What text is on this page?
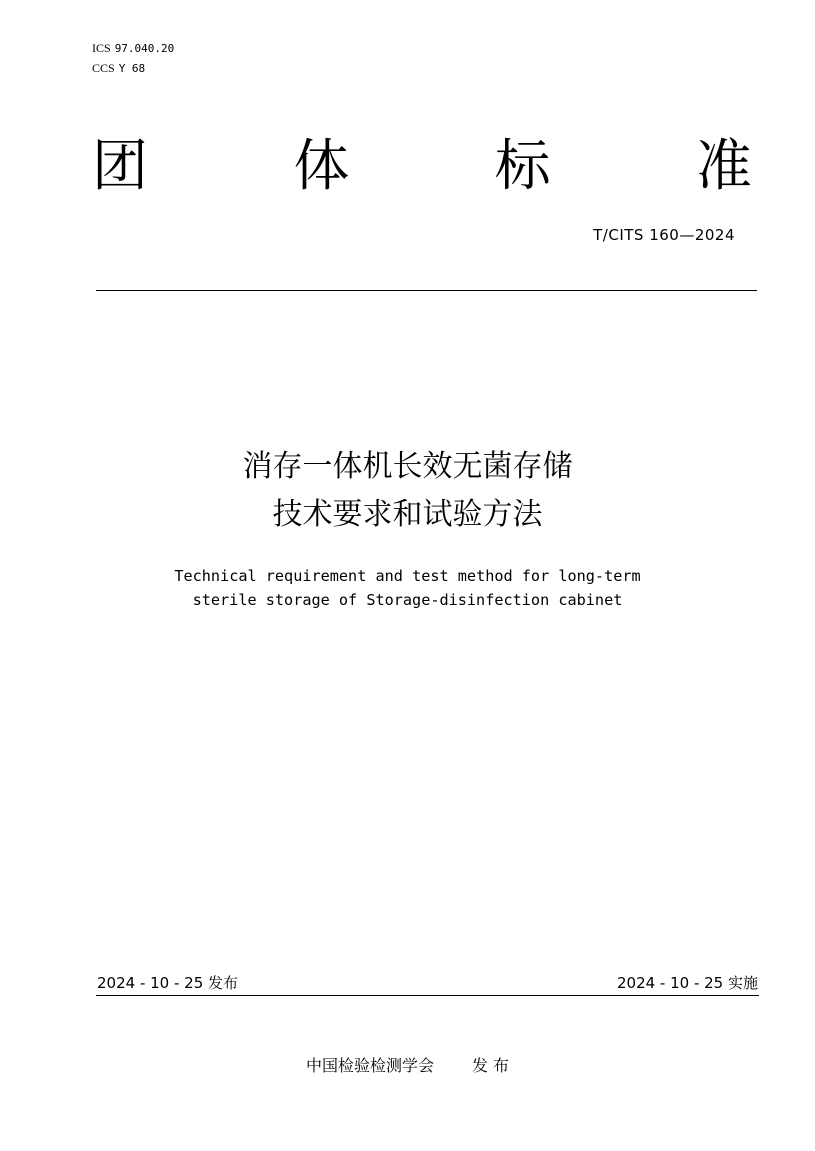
ICS 97.040.20
CCS Y 68
团	体	标	准
T/CITS 160—2024
消存一体机长效无菌存储
技术要求和试验方法
Technical requirement and test method for long-term
sterile storage of Storage-disinfection cabinet
2024 - 10 - 25 发布	2024 - 10 - 25 实施
中国检验检测学会 发 布
